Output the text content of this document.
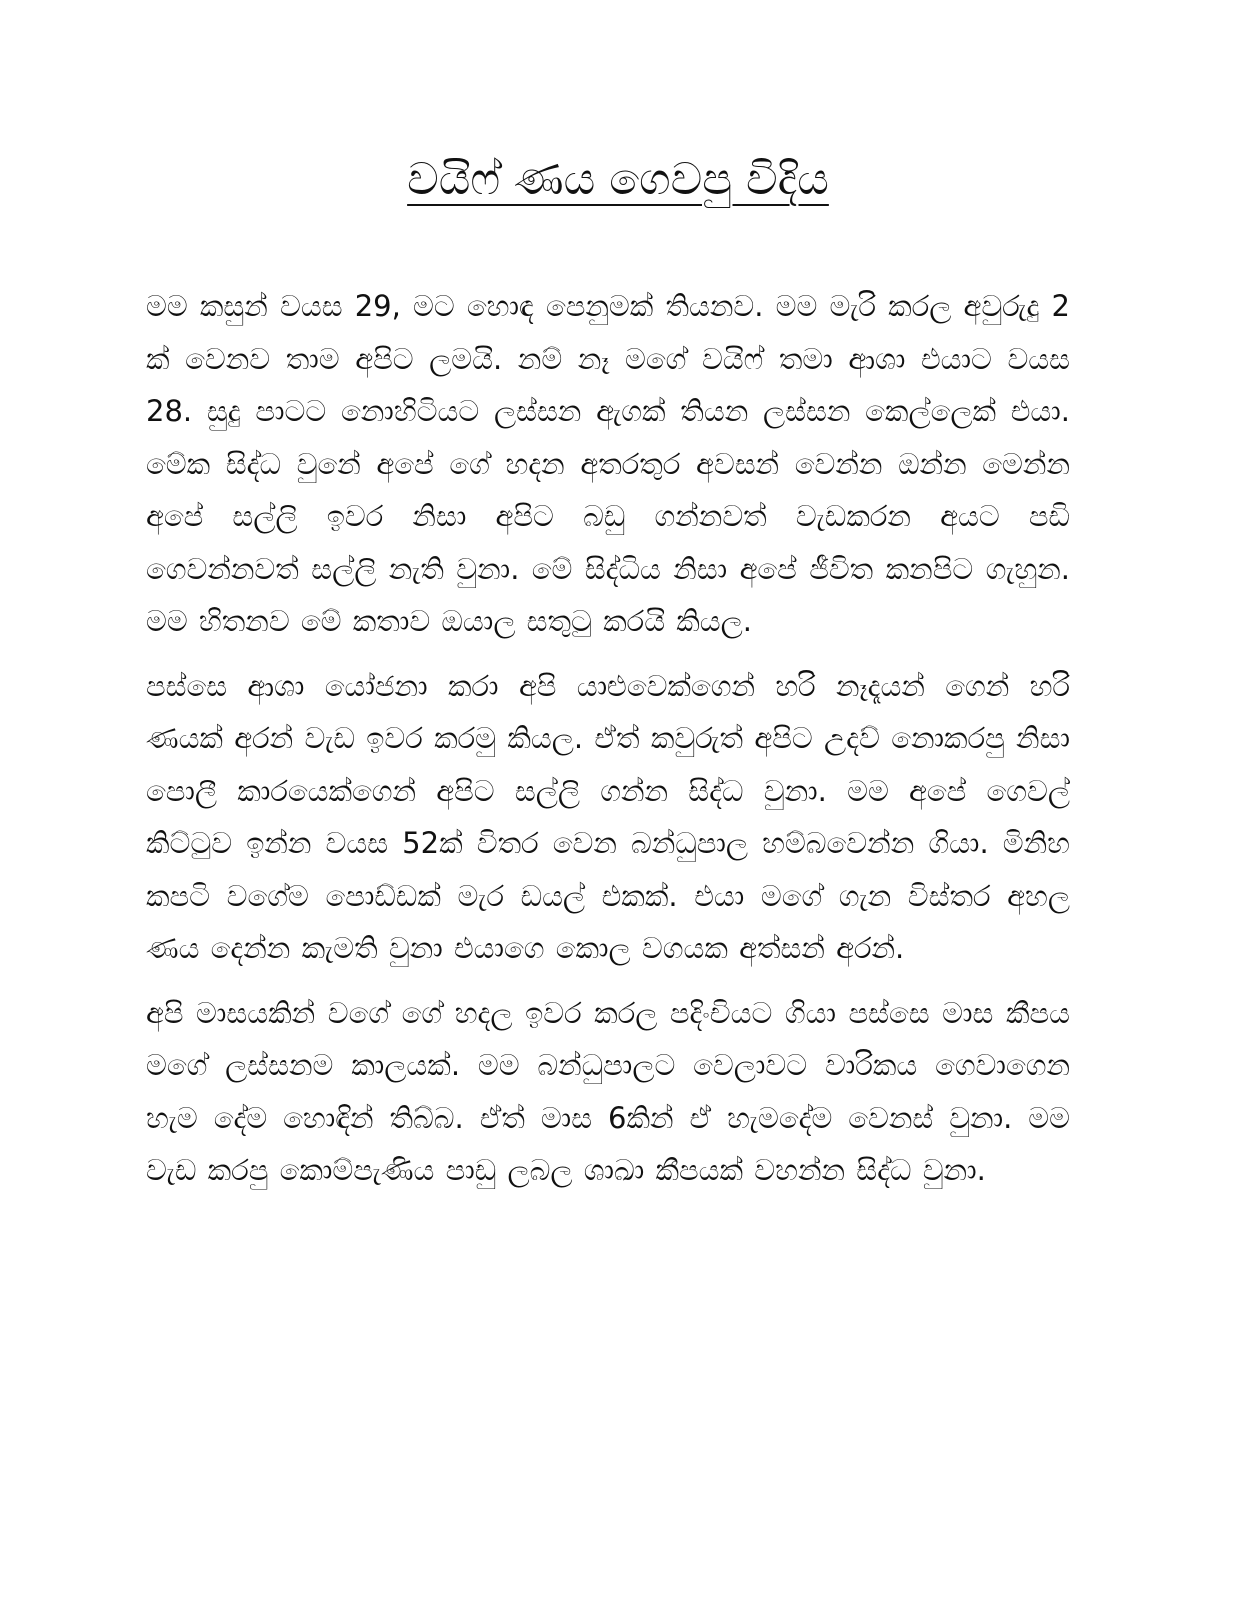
වයිෆ් ණය ගෙවපු විදිය

මම කසුන් වයස 29, මට හොඳ පෙනුමක් තියනව. මම මැරි කරල අවුරුදු 2 ක් වෙනව තාම අපිට ලමයි. නම් නෑ මගේ වයිෆ් තමා ආශා එයාට වයස 28. සුදු පාටට නොහිටියට ලස්සන ඇගක් තියන ලස්සන කෙල්ලෙක් එයා. මේක සිද්ධ වුනේ අපේ ගේ හදන අතරතුර අවසන් වෙන්න ඔන්න මෙන්න අපේ සල්ලි ඉවර නිසා අපිට බඩු ගන්නවත් වැඩකරන අයට පඩි ගෙවන්නවත් සල්ලි නැති වුනා. මේ සිද්ධිය නිසා අපේ ජීවිත කනපිට ගැහුන. මම හිතනව මේ කතාව ඔයාල සතුටු කරයි කියල.

පස්සෙ ආශා යෝජනා කරා අපි යාළුවෙක්ගෙන් හරි නෑදෑයන් ගෙන් හරි ණයක් අරන් වැඩ ඉවර කරමු කියල. ඒත් කවුරුත් අපිට උදව් නොකරපු නිසා පොලී කාරයෙක්ගෙන් අපිට සල්ලි ගන්න සිද්ධ වුනා. මම අපේ ගෙවල් කිට්ටුව ඉන්න වයස 52ක් විතර වෙන බන්ධුපාල හම්බවෙන්න ගියා. මිනිහ කපටි වගේම පොඩ්ඩක් මැර ඩයල් එකක්. එයා මගේ ගැන විස්තර අහල ණය දෙන්න කැමති වුනා එයාගෙ කොල වගයක අත්සන් අරන්.

අපි මාසයකින් වගේ ගේ හදල ඉවර කරල පදිංචියට ගියා පස්සෙ මාස කීපය මගේ ලස්සනම කාලයක්. මම බන්ධුපාලට වෙලාවට වාරිකය ගෙවාගෙන හැම දේම හොඳින් තිබ්බ. ඒත් මාස 6කින් ඒ හැමදේම වෙනස් වුනා. මම වැඩ කරපු කොම්පැණිය පාඩු ලබල ශාඛා කීපයක් වහන්න සිද්ධ වුනා.
